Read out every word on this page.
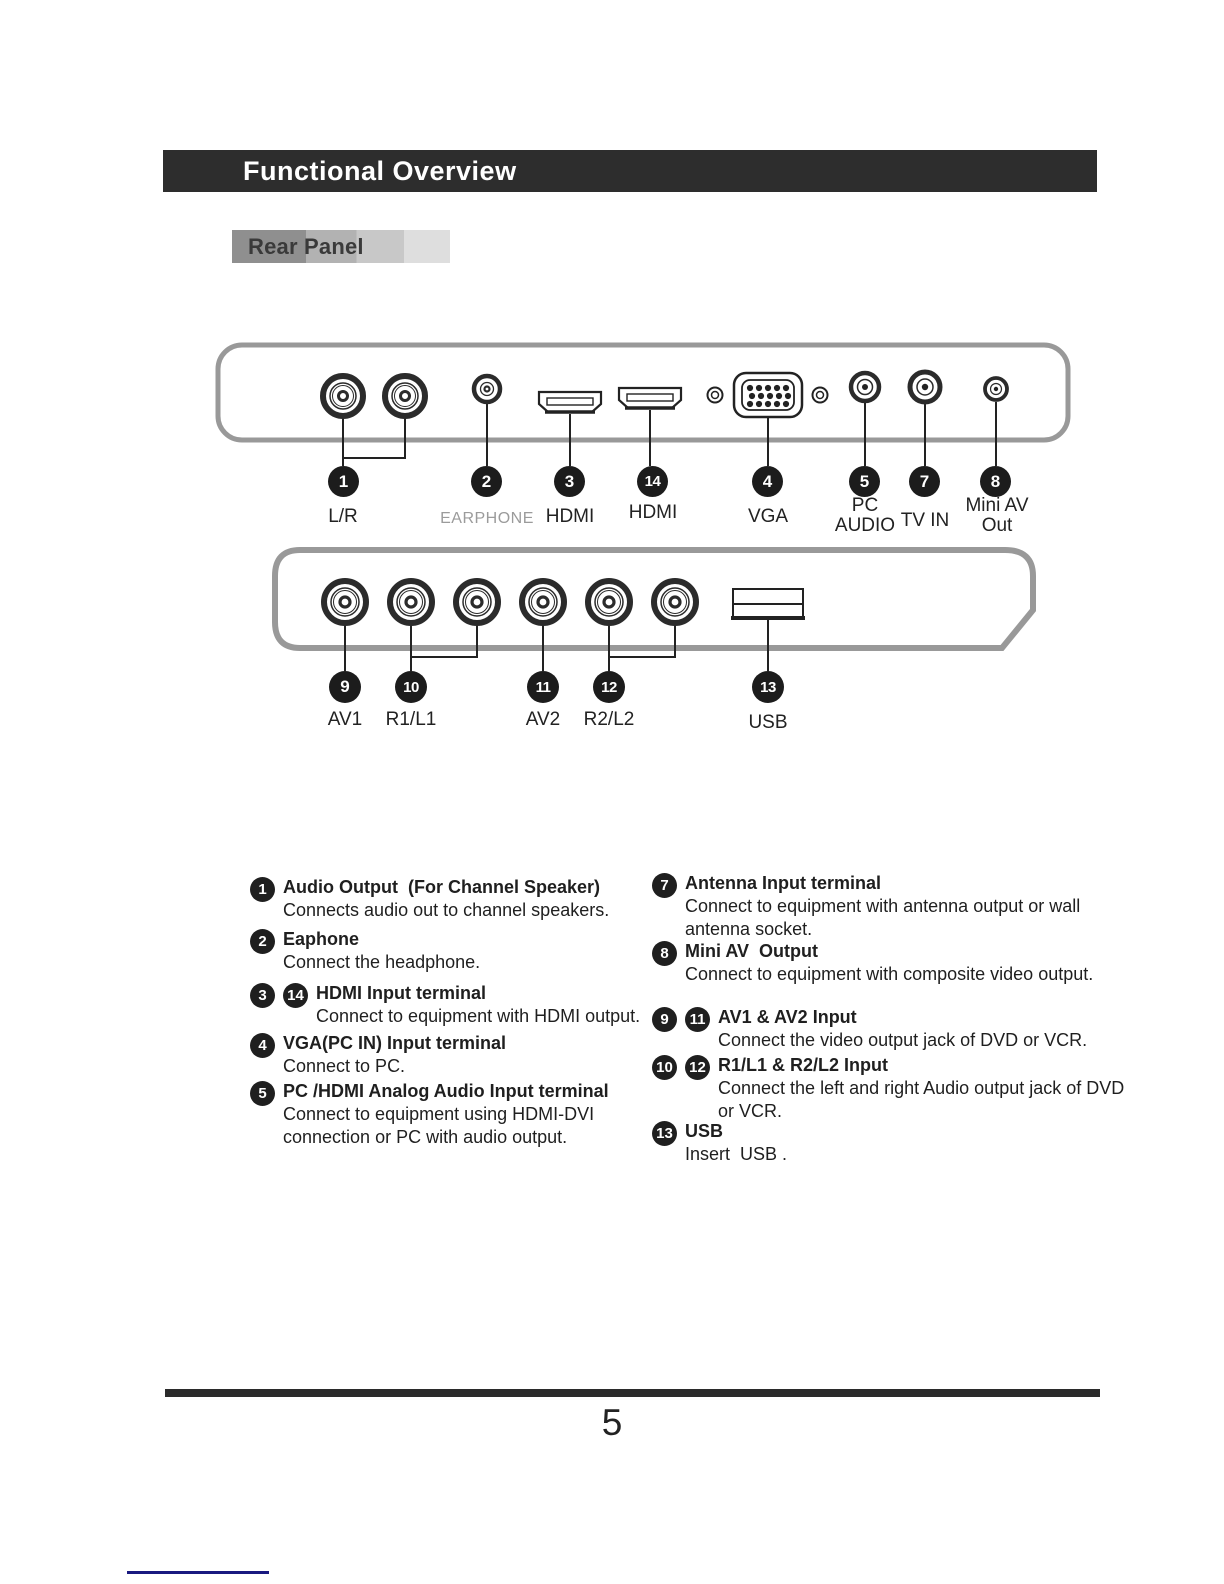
Functional Overview
Rear Panel
1	2	3	14	4	5	7	8
L/R	EARPHONE HDMI	HDMI	VGA
PC
AUDIO TV IN
Mini AV
Out
9	10	11	12	13
AV1	R1/L1	AV2	R2/L2	USB
1 Audio Output  (For Channel Speaker)
Connects audio out to channel speakers.
2 Eaphone
Connect the headphone.
3	14 HDMI Input terminal
Connect to equipment with HDMI output.
4 VGA(PC IN) Input terminal
Connect to PC.
5 PC /HDMI Analog Audio Input terminal
Connect to equipment using HDMI-DVI connection or PC with audio output.
7 Antenna Input terminal
Connect to equipment with antenna output or wall antenna socket.
8 Mini AV  Output
Connect to equipment with composite video output.
9	11 AV1 & AV2 Input
Connect the video output jack of DVD or VCR.
10 12 R1/L1 & R2/L2 Input
Connect the left and right Audio output jack of DVD or VCR.
13 USB
Insert  USB .
5
